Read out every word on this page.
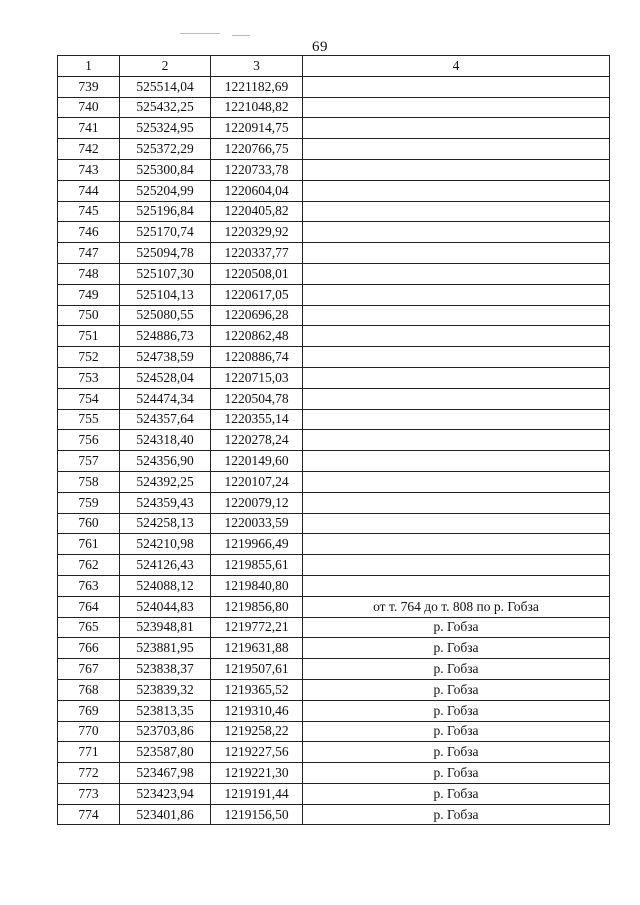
69
1	2	3	4
739	525514,04	1221182,69	
740	525432,25	1221048,82	
741	525324,95	1220914,75	
742	525372,29	1220766,75	
743	525300,84	1220733,78	
744	525204,99	1220604,04	
745	525196,84	1220405,82	
746	525170,74	1220329,92	
747	525094,78	1220337,77	
748	525107,30	1220508,01	
749	525104,13	1220617,05	
750	525080,55	1220696,28	
751	524886,73	1220862,48	
752	524738,59	1220886,74	
753	524528,04	1220715,03	
754	524474,34	1220504,78	
755	524357,64	1220355,14	
756	524318,40	1220278,24	
757	524356,90	1220149,60	
758	524392,25	1220107,24	
759	524359,43	1220079,12	
760	524258,13	1220033,59	
761	524210,98	1219966,49	
762	524126,43	1219855,61	
763	524088,12	1219840,80	
764	524044,83	1219856,80	от т. 764 до т. 808 по р. Гобза
765	523948,81	1219772,21	р. Гобза
766	523881,95	1219631,88	р. Гобза
767	523838,37	1219507,61	р. Гобза
768	523839,32	1219365,52	р. Гобза
769	523813,35	1219310,46	р. Гобза
770	523703,86	1219258,22	р. Гобза
771	523587,80	1219227,56	р. Гобза
772	523467,98	1219221,30	р. Гобза
773	523423,94	1219191,44	р. Гобза
774	523401,86	1219156,50	р. Гобза
